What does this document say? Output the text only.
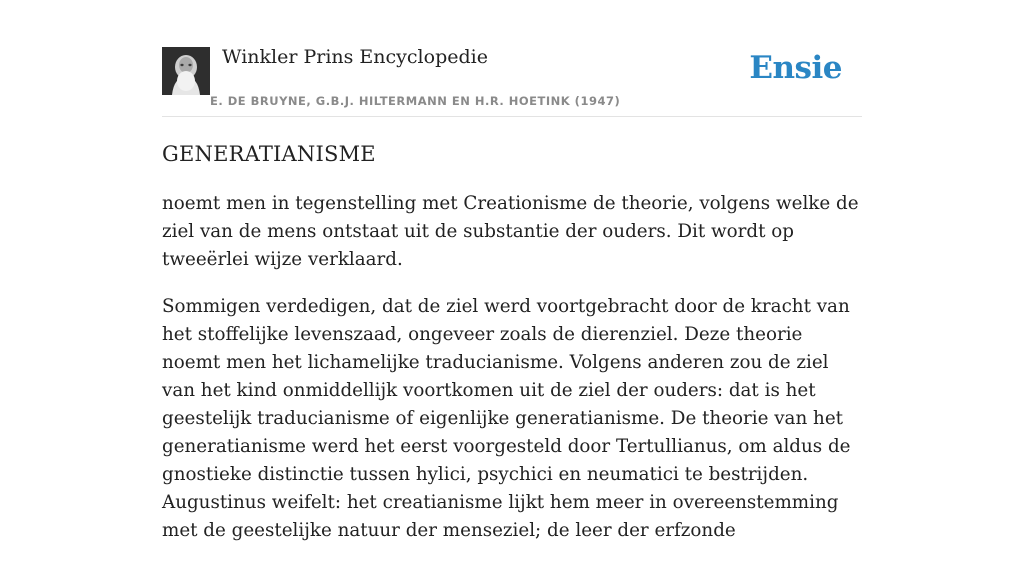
Winkler Prins Encyclopedie
E. DE BRUYNE, G.B.J. HILTERMANN EN H.R. HOETINK (1947)
Ensie
GENERATIANISME

noemt men in tegenstelling met Creationisme de theorie, volgens welke de ziel van de mens ontstaat uit de substantie der ouders. Dit wordt op tweeërlei wijze verklaard.

Sommigen verdedigen, dat de ziel werd voortgebracht door de kracht van het stoffelijke levenszaad, ongeveer zoals de dierenziel. Deze theorie noemt men het lichamelijke traducianisme. Volgens anderen zou de ziel van het kind onmiddellijk voortkomen uit de ziel der ouders: dat is het geestelijk traducianisme of eigenlijke generatianisme. De theorie van het generatianisme werd het eerst voorgesteld door Tertullianus, om aldus de gnostieke distinctie tussen hylici, psychici en neumatici te bestrijden. Augustinus weifelt: het creatianisme lijkt hem meer in overeenstemming met de geestelijke natuur der menseziel; de leer der erfzonde
